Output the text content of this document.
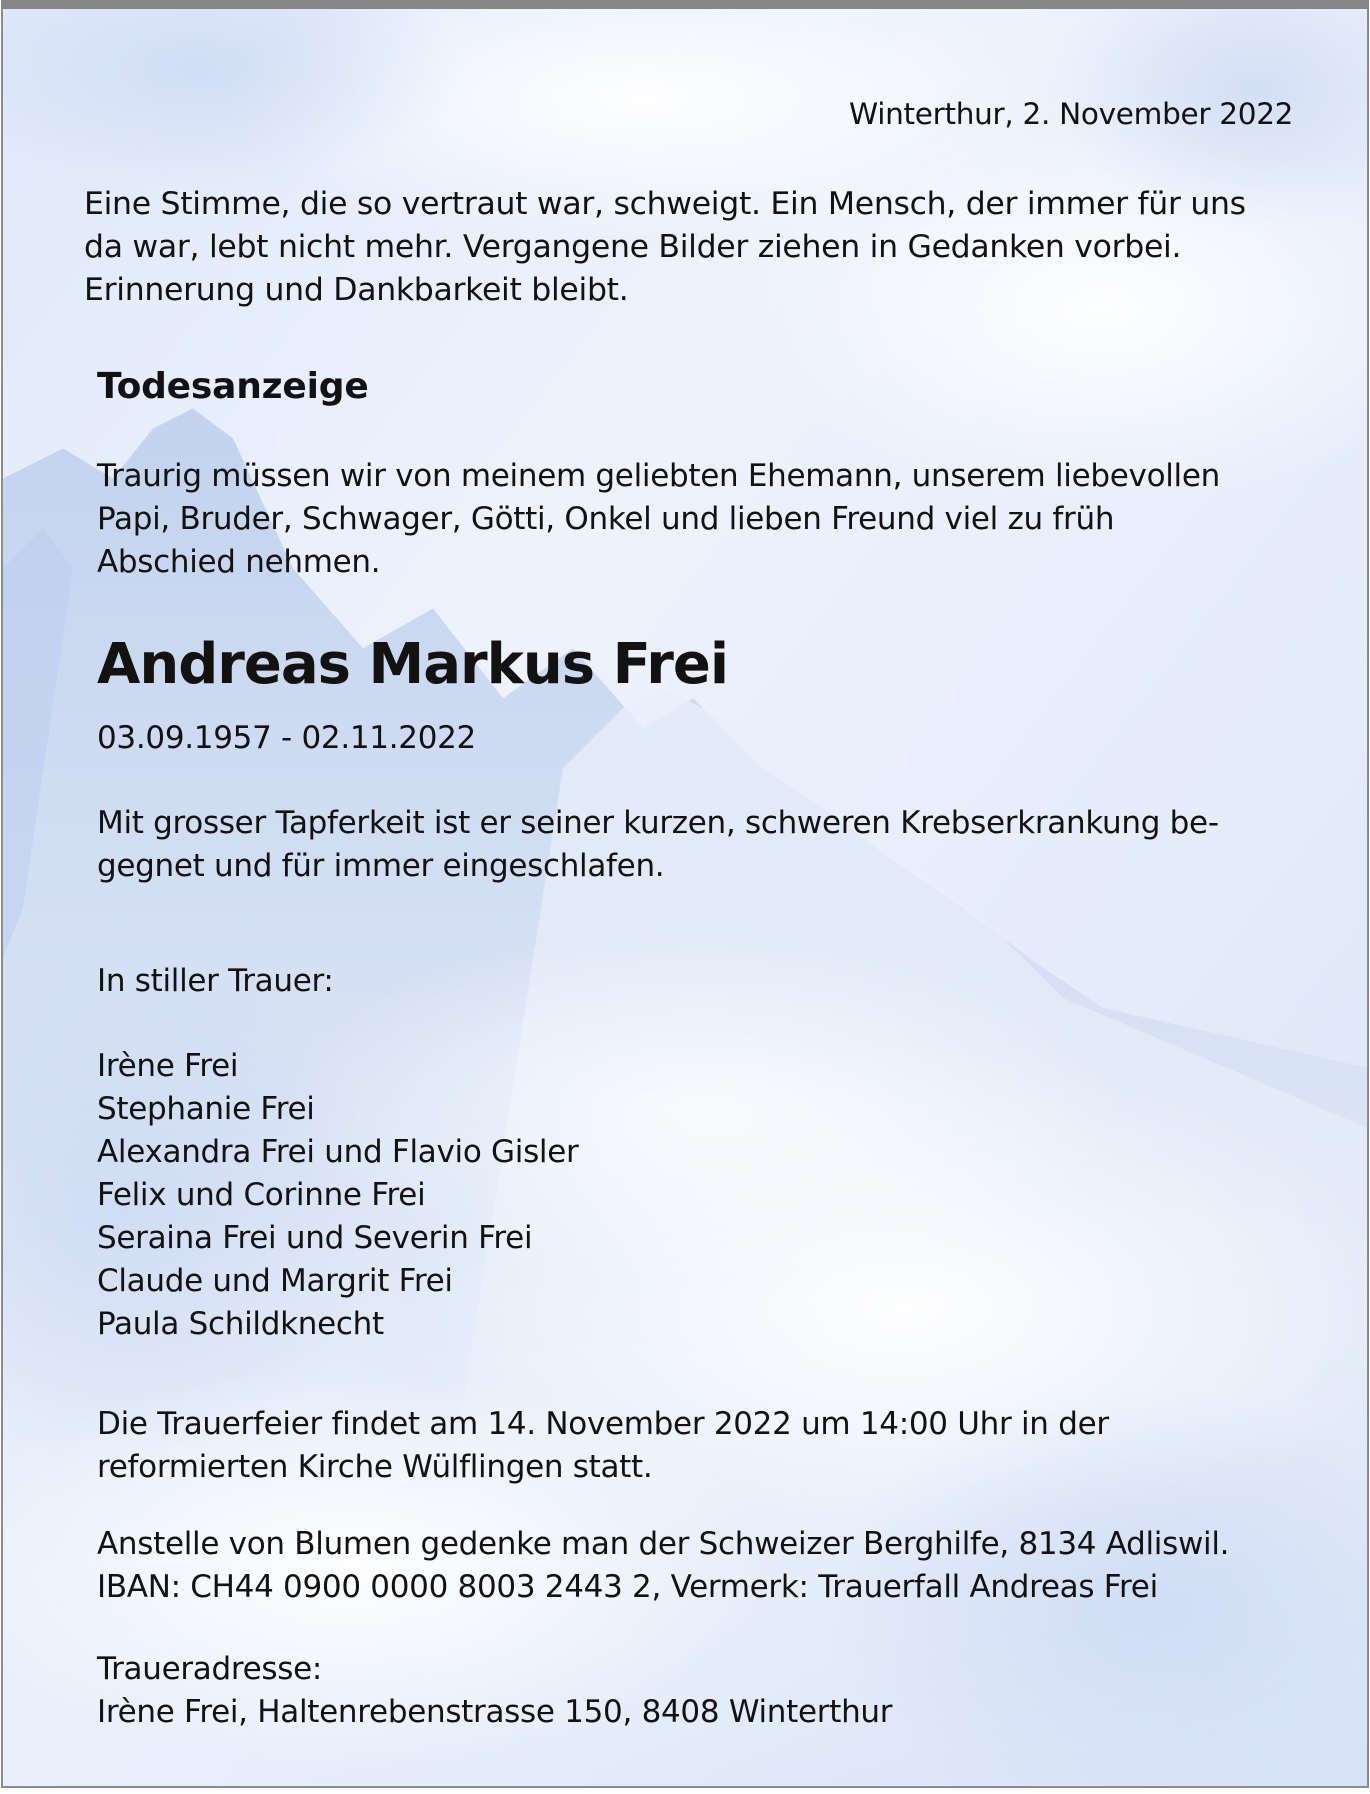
Winterthur, 2. November 2022

Eine Stimme, die so vertraut war, schweigt. Ein Mensch, der immer für uns

da war, lebt nicht mehr. Vergangene Bilder ziehen in Gedanken vorbei.

Erinnerung und Dankbarkeit bleibt.

Todesanzeige

Traurig müssen wir von meinem geliebten Ehemann, unserem liebevollen

Papi, Bruder, Schwager, Götti, Onkel und lieben Freund viel zu früh

Abschied nehmen.

Andreas Markus Frei

03.09.1957 - 02.11.2022

Mit grosser Tapferkeit ist er seiner kurzen, schweren Krebserkrankung be-

gegnet und für immer eingeschlafen.

In stiller Trauer:

Irène Frei

Stephanie Frei

Alexandra Frei und Flavio Gisler

Felix und Corinne Frei

Seraina Frei und Severin Frei

Claude und Margrit Frei

Paula Schildknecht

Die Trauerfeier findet am 14. November 2022 um 14:00 Uhr in der

reformierten Kirche Wülflingen statt.

Anstelle von Blumen gedenke man der Schweizer Berghilfe, 8134 Adliswil.

IBAN: CH44 0900 0000 8003 2443 2, Vermerk: Trauerfall Andreas Frei

Traueradresse:

Irène Frei, Haltenrebenstrasse 150, 8408 Winterthur
